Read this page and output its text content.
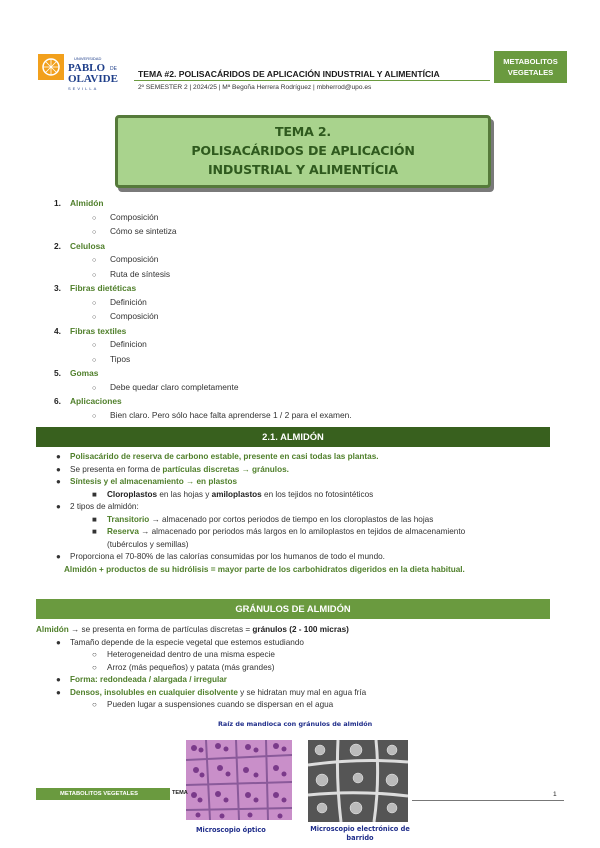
UNIVERSIDAD
PABLO DE
OLAVIDE
SEVILLA
TEMA #2. POLISACÁRIDOS DE APLICACIÓN INDUSTRIAL Y ALIMENTÍCIA
2º SEMESTER 2 | 2024/25 | Mª Begoña Herrera Rodríguez | mbherrod@upo.es
METABOLITOS
VEGETALES
TEMA 2.
POLISACÁRIDOS DE APLICACIÓN
INDUSTRIAL Y ALIMENTÍCIA
1. Almidón
○ Composición
○ Cómo se sintetiza
2. Celulosa
○ Composición
○ Ruta de síntesis
3. Fibras dietéticas
○ Definición
○ Composición
4. Fibras textiles
○ Definicion
○ Tipos
5. Gomas
○ Debe quedar claro completamente
6. Aplicaciones
○ Bien claro. Pero sólo hace falta aprenderse 1 / 2 para el examen.
2.1. ALMIDÓN
● Polisacárido de reserva de carbono estable, presente en casi todas las plantas.
● Se presenta en forma de partículas discretas → gránulos.
● Síntesis y el almacenamiento → en plastos
■ Cloroplastos en las hojas y amiloplastos en los tejidos no fotosintéticos
● 2 tipos de almidón:
■ Transitorio → almacenado por cortos periodos de tiempo en los cloroplastos de las hojas
■ Reserva → almacenado por periodos más largos en lo amiloplastos en tejidos de almacenamiento
(tubérculos y semillas)
● Proporciona el 70-80% de las calorías consumidas por los humanos de todo el mundo.
Almidón + productos de su hidrólisis = mayor parte de los carbohidratos digeridos en la dieta habitual.
GRÁNULOS DE ALMIDÓN
Almidón → se presenta en forma de partículas discretas = gránulos (2 - 100 micras)
● Tamaño depende de la especie vegetal que estemos estudiando
○ Heterogeneidad dentro de una misma especie
○ Arroz (más pequeños) y patata (más grandes)
● Forma: redondeada / alargada / irregular
● Densos, insolubles en cualquier disolvente y se hidratan muy mal en agua fría
○ Pueden lugar a suspensiones cuando se dispersan en el agua
Raíz de mandioca con gránulos de almidón
Microscopio óptico	Microscopio electrónico de
barrido
METABOLITOS VEGETALES	TEMA	1
